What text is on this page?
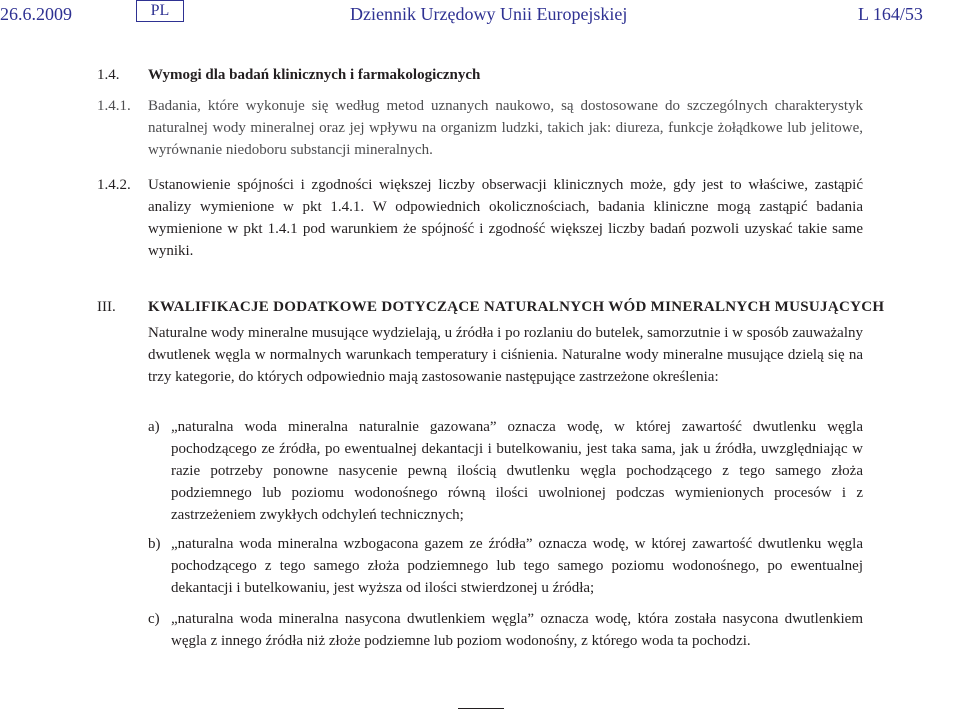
26.6.2009	PL	Dziennik Urzędowy Unii Europejskiej	L 164/53
1.4. Wymogi dla badań klinicznych i farmakologicznych
1.4.1. Badania, które wykonuje się według metod uznanych naukowo, są dostosowane do szczególnych charakterystyk naturalnej wody mineralnej oraz jej wpływu na organizm ludzki, takich jak: diureza, funkcje żołądkowe lub jelitowe, wyrównanie niedoboru substancji mineralnych.
1.4.2. Ustanowienie spójności i zgodności większej liczby obserwacji klinicznych może, gdy jest to właściwe, zastąpić analizy wymienione w pkt 1.4.1. W odpowiednich okolicznościach, badania kliniczne mogą zastąpić badania wymienione w pkt 1.4.1 pod warunkiem że spójność i zgodność większej liczby badań pozwoli uzyskać takie same wyniki.
III. KWALIFIKACJE DODATKOWE DOTYCZĄCE NATURALNYCH WÓD MINERALNYCH MUSUJĄCYCH
Naturalne wody mineralne musujące wydzielają, u źródła i po rozlaniu do butelek, samorzutnie i w sposób zauważalny dwutlenek węgla w normalnych warunkach temperatury i ciśnienia. Naturalne wody mineralne musujące dzielą się na trzy kategorie, do których odpowiednio mają zastosowanie następujące zastrzeżone określenia:
a) „naturalna woda mineralna naturalnie gazowana” oznacza wodę, w której zawartość dwutlenku węgla pochodzącego ze źródła, po ewentualnej dekantacji i butelkowaniu, jest taka sama, jak u źródła, uwzględniając w razie potrzeby ponowne nasycenie pewną ilością dwutlenku węgla pochodzącego z tego samego złoża podziemnego lub poziomu wodonośnego równą ilości uwolnionej podczas wymienionych procesów i z zastrzeżeniem zwykłych odchyleń technicznych;
b) „naturalna woda mineralna wzbogacona gazem ze źródła” oznacza wodę, w której zawartość dwutlenku węgla pochodzącego z tego samego złoża podziemnego lub tego samego poziomu wodonośnego, po ewentualnej dekantacji i butelkowaniu, jest wyższa od ilości stwierdzonej u źródła;
c) „naturalna woda mineralna nasycona dwutlenkiem węgla” oznacza wodę, która została nasycona dwutlenkiem węgla z innego źródła niż złoże podziemne lub poziom wodonośny, z którego woda ta pochodzi.
